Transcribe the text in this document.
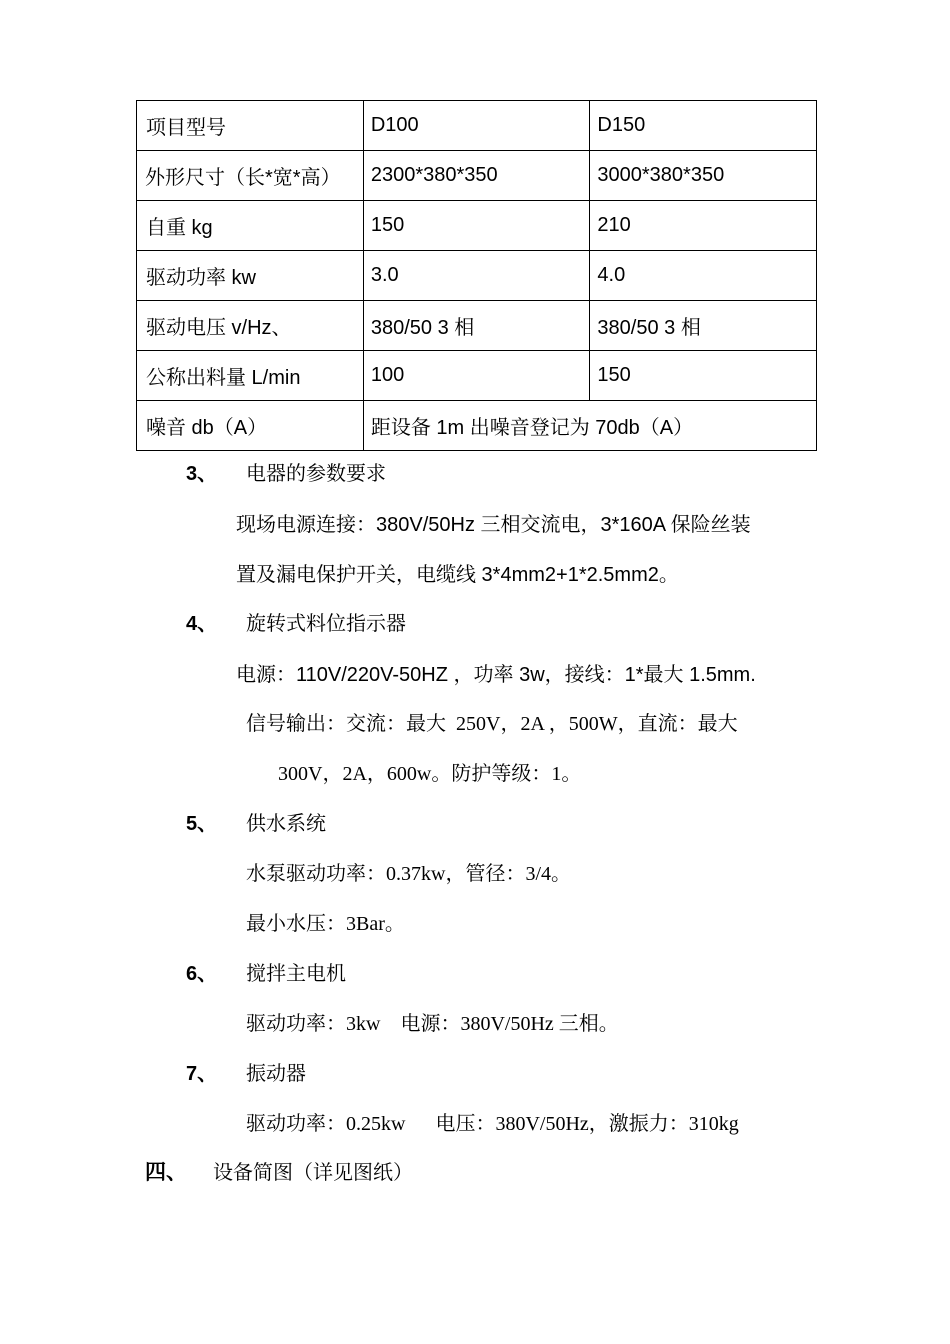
项目型号	D100	D150
外形尺寸（长*宽*高）	2300*380*350	3000*380*350
自重 kg	150	210
驱动功率 kw	3.0	4.0
驱动电压 v/Hz、	380/50 3 相	380/50 3 相
公称出料量 L/min	100	150
噪音 db（A）	距设备 1m 出噪音登记为 70db（A）	
3、 电器的参数要求
现场电源连接：380V/50Hz 三相交流电，3*160A 保险丝装
置及漏电保护开关，电缆线 3*4mm2+1*2.5mm2。
4、 旋转式料位指示器
电源：110V/220V-50HZ ，功率 3w，接线：1*最大 1.5mm.
信号输出：交流：最大  250V，2A ，500W，直流：最大
300V，2A，600w。防护等级：1。
5、 供水系统
水泵驱动功率：0.37kw，管径：3/4。
最小水压：3Bar。
6、 搅拌主电机
驱动功率：3kw    电源：380V/50Hz 三相。
7、 振动器
驱动功率：0.25kw      电压：380V/50Hz，激振力：310kg
四、 设备简图（详见图纸）
